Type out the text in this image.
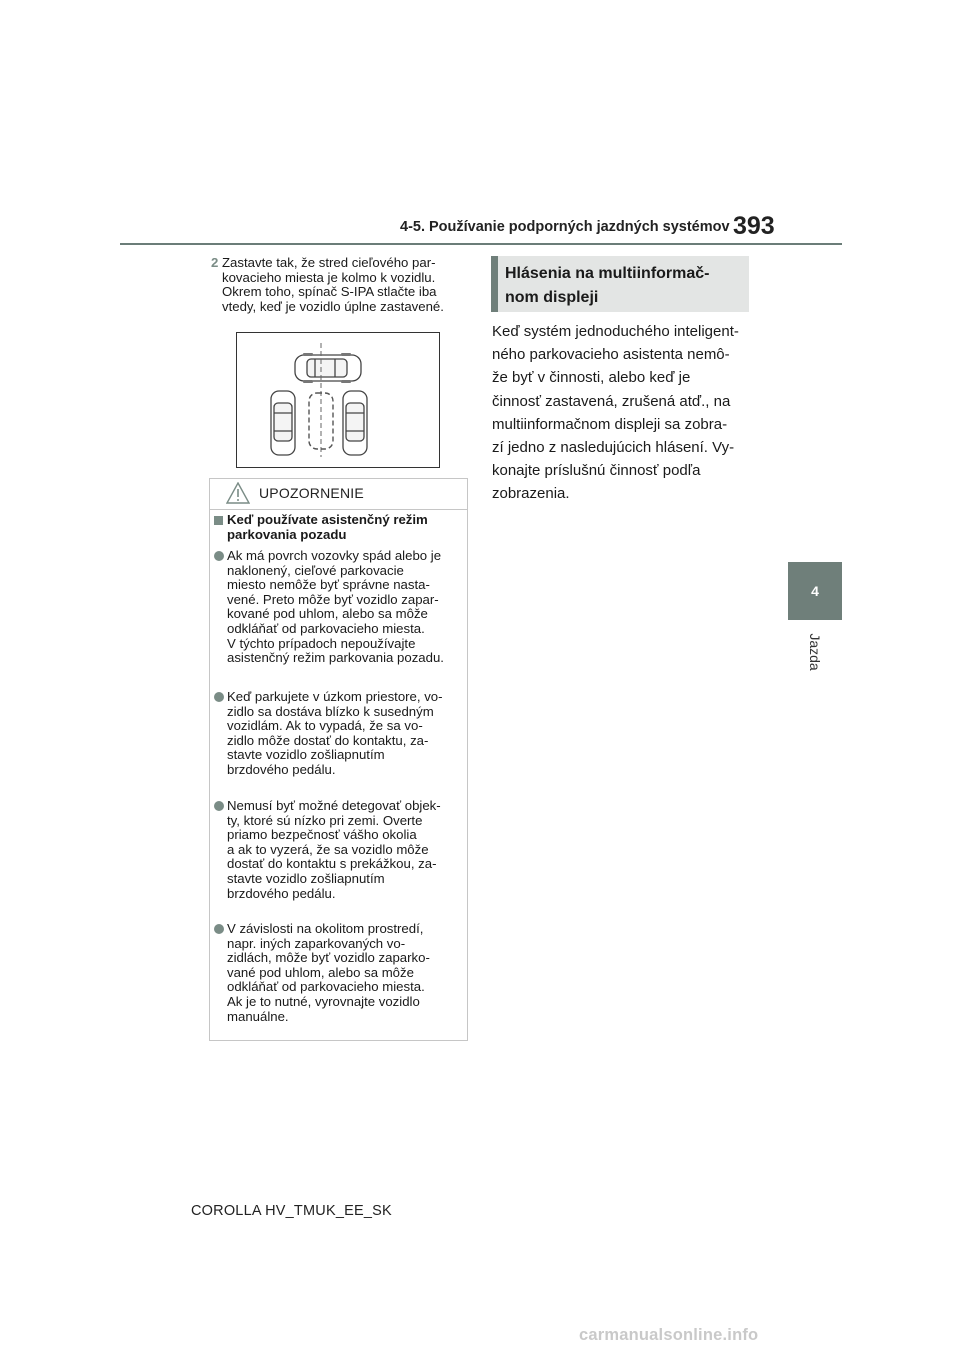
4-5. Používanie podporných jazdných systémov 393
4
Jazda
2 Zastavte tak, že stred cieľového par-
kovacieho miesta je kolmo k vozidlu.
Okrem toho, spínač S-IPA stlačte iba
vtedy, keď je vozidlo úplne zastavené.
UPOZORNENIE
Keď používate asistenčný režim
parkovania pozadu
Ak má povrch vozovky spád alebo je
naklonený, cieľové parkovacie
miesto nemôže byť správne nasta-
vené. Preto môže byť vozidlo zapar-
kované pod uhlom, alebo sa môže
odkláňať od parkovacieho miesta.
V týchto prípadoch nepoužívajte
asistenčný režim parkovania pozadu.
Keď parkujete v úzkom priestore, vo-
zidlo sa dostáva blízko k susedným
vozidlám. Ak to vypadá, že sa vo-
zidlo môže dostať do kontaktu, za-
stavte vozidlo zošliapnutím
brzdového pedálu.
Nemusí byť možné detegovať objek-
ty, ktoré sú nízko pri zemi. Overte
priamo bezpečnosť vášho okolia
a ak to vyzerá, že sa vozidlo môže
dostať do kontaktu s prekážkou, za-
stavte vozidlo zošliapnutím
brzdového pedálu.
V závislosti na okolitom prostredí,
napr. iných zaparkovaných vo-
zidlách, môže byť vozidlo zaparko-
vané pod uhlom, alebo sa môže
odkláňať od parkovacieho miesta.
Ak je to nutné, vyrovnajte vozidlo
manuálne.
Hlásenia na multiinformač-
nom displeji
Keď systém jednoduchého inteligent-
ného parkovacieho asistenta nemô-
že byť v činnosti, alebo keď je
činnosť zastavená, zrušená atď., na
multiinformačnom displeji sa zobra-
zí jedno z nasledujúcich hlásení. Vy-
konajte príslušnú činnosť podľa
zobrazenia.
COROLLA HV_TMUK_EE_SK
carmanualsonline.info
